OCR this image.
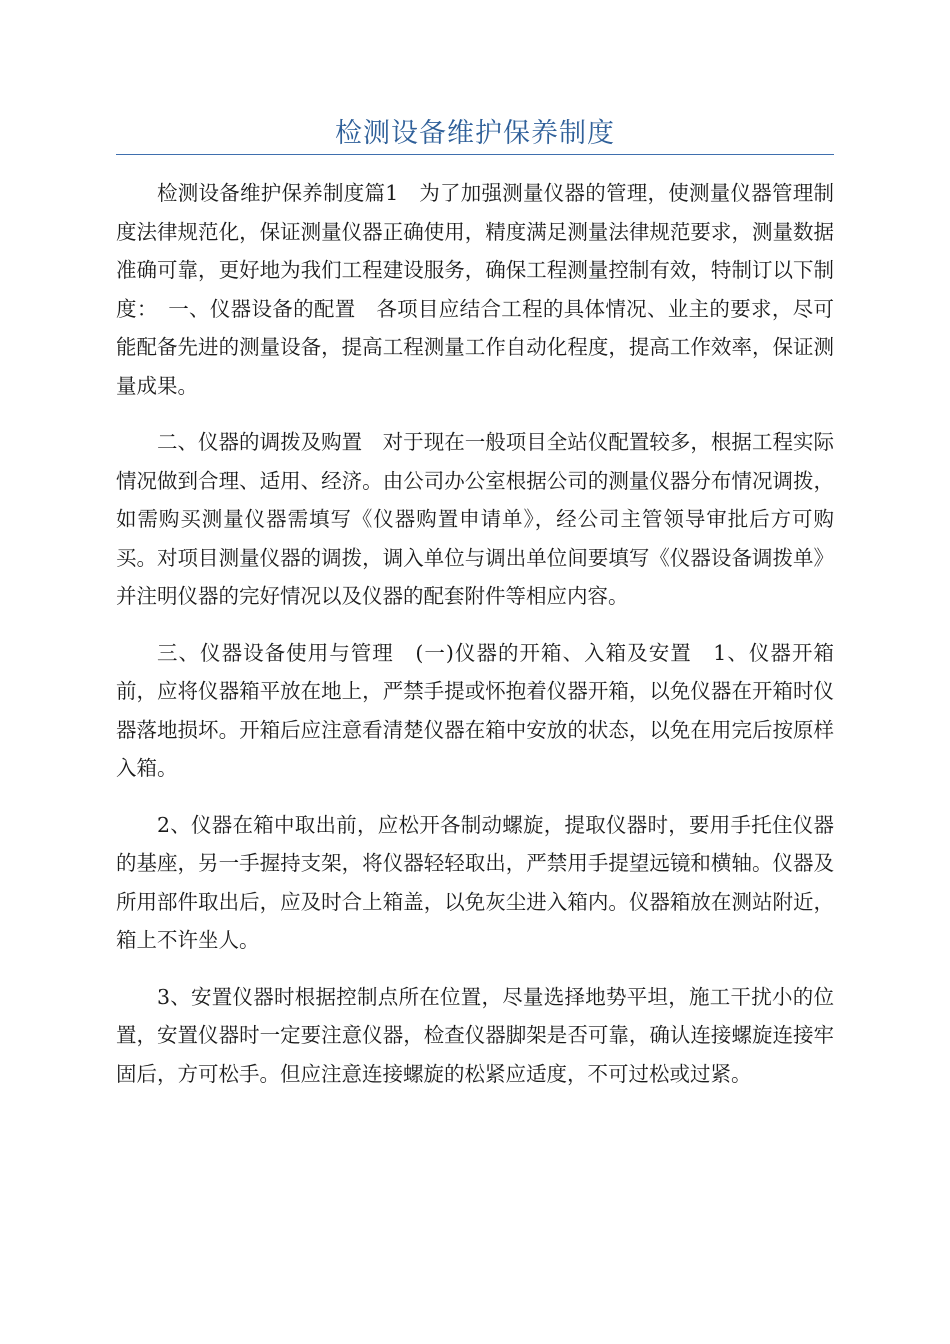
检测设备维护保养制度

检测设备维护保养制度篇1　为了加强测量仪器的管理，使测量仪器管理制度法律规范化，保证测量仪器正确使用，精度满足测量法律规范要求，测量数据准确可靠，更好地为我们工程建设服务，确保工程测量控制有效，特制订以下制度：　一、仪器设备的配置　各项目应结合工程的具体情况、业主的要求，尽可能配备先进的测量设备，提高工程测量工作自动化程度，提高工作效率，保证测量成果。

二、仪器的调拨及购置　对于现在一般项目全站仪配置较多，根据工程实际情况做到合理、适用、经济。由公司办公室根据公司的测量仪器分布情况调拨，如需购买测量仪器需填写《仪器购置申请单》，经公司主管领导审批后方可购买。对项目测量仪器的调拨，调入单位与调出单位间要填写《仪器设备调拨单》并注明仪器的完好情况以及仪器的配套附件等相应内容。

三、仪器设备使用与管理　(一)仪器的开箱、入箱及安置　1、仪器开箱前，应将仪器箱平放在地上，严禁手提或怀抱着仪器开箱，以免仪器在开箱时仪器落地损坏。开箱后应注意看清楚仪器在箱中安放的状态，以免在用完后按原样入箱。

2、仪器在箱中取出前，应松开各制动螺旋，提取仪器时，要用手托住仪器的基座，另一手握持支架，将仪器轻轻取出，严禁用手提望远镜和横轴。仪器及所用部件取出后，应及时合上箱盖，以免灰尘进入箱内。仪器箱放在测站附近，箱上不许坐人。

3、安置仪器时根据控制点所在位置，尽量选择地势平坦，施工干扰小的位置，安置仪器时一定要注意仪器，检查仪器脚架是否可靠，确认连接螺旋连接牢固后，方可松手。但应注意连接螺旋的松紧应适度，不可过松或过紧。
